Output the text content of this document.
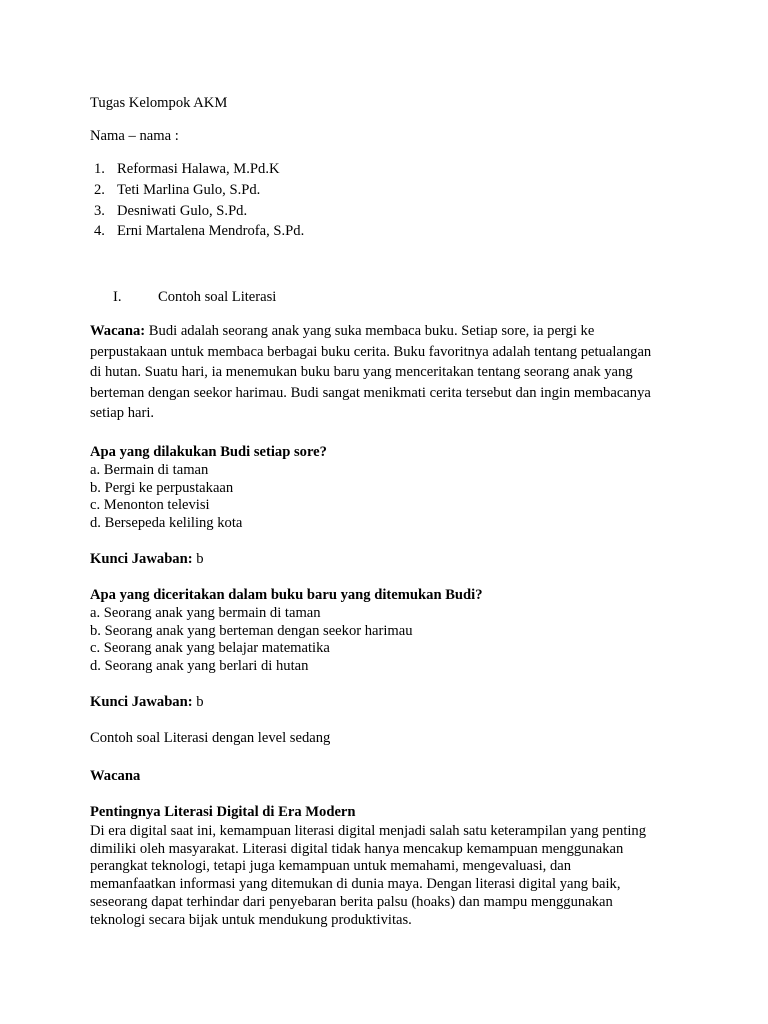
Tugas Kelompok AKM
Nama – nama :
1. Reformasi Halawa, M.Pd.K
2. Teti Marlina Gulo, S.Pd.
3. Desniwati Gulo, S.Pd.
4. Erni Martalena Mendrofa, S.Pd.
I. Contoh soal Literasi
Wacana: Budi adalah seorang anak yang suka membaca buku. Setiap sore, ia pergi ke
perpustakaan untuk membaca berbagai buku cerita. Buku favoritnya adalah tentang petualangan
di hutan. Suatu hari, ia menemukan buku baru yang menceritakan tentang seorang anak yang
berteman dengan seekor harimau. Budi sangat menikmati cerita tersebut dan ingin membacanya
setiap hari.
Apa yang dilakukan Budi setiap sore?
a. Bermain di taman
b. Pergi ke perpustakaan
c. Menonton televisi
d. Bersepeda keliling kota
Kunci Jawaban: b
Apa yang diceritakan dalam buku baru yang ditemukan Budi?
a. Seorang anak yang bermain di taman
b. Seorang anak yang berteman dengan seekor harimau
c. Seorang anak yang belajar matematika
d. Seorang anak yang berlari di hutan
Kunci Jawaban: b
Contoh soal Literasi dengan level sedang
Wacana
Pentingnya Literasi Digital di Era Modern
Di era digital saat ini, kemampuan literasi digital menjadi salah satu keterampilan yang penting
dimiliki oleh masyarakat. Literasi digital tidak hanya mencakup kemampuan menggunakan
perangkat teknologi, tetapi juga kemampuan untuk memahami, mengevaluasi, dan
memanfaatkan informasi yang ditemukan di dunia maya. Dengan literasi digital yang baik,
seseorang dapat terhindar dari penyebaran berita palsu (hoaks) dan mampu menggunakan
teknologi secara bijak untuk mendukung produktivitas.
